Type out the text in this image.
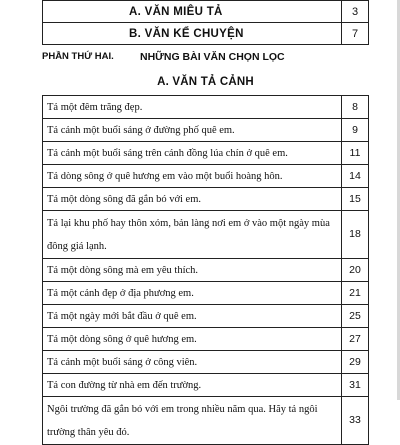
A. VĂN MIÊU TẢ	3
B. VĂN KỂ CHUYỆN	7
PHẦN THỨ HAI.	NHỮNG BÀI VĂN CHỌN LỌC
A. VĂN TẢ CẢNH
Tả một đêm trăng đẹp.	8
Tả cảnh một buổi sáng ở đường phố quê em.	9
Tả cảnh một buổi sáng trên cánh đồng lúa chín ở quê em.	11
Tả dòng sông ở quê hương em vào một buổi hoàng hôn.	14
Tả một dòng sông đã gắn bó với em.	15
Tả lại khu phố hay thôn xóm, bản làng nơi em ở vào một ngày mùa đông giá lạnh.	18
Tả một dòng sông mà em yêu thích.	20
Tả một cảnh đẹp ở địa phương em.	21
Tả một ngày mới bắt đầu ở quê em.	25
Tả một dòng sông ở quê hương em.	27
Tả cảnh một buổi sáng ở công viên.	29
Tả con đường từ nhà em đến trường.	31
Ngôi trường đã gắn bó với em trong nhiều năm qua. Hãy tả ngôi trường thân yêu đó.	33
